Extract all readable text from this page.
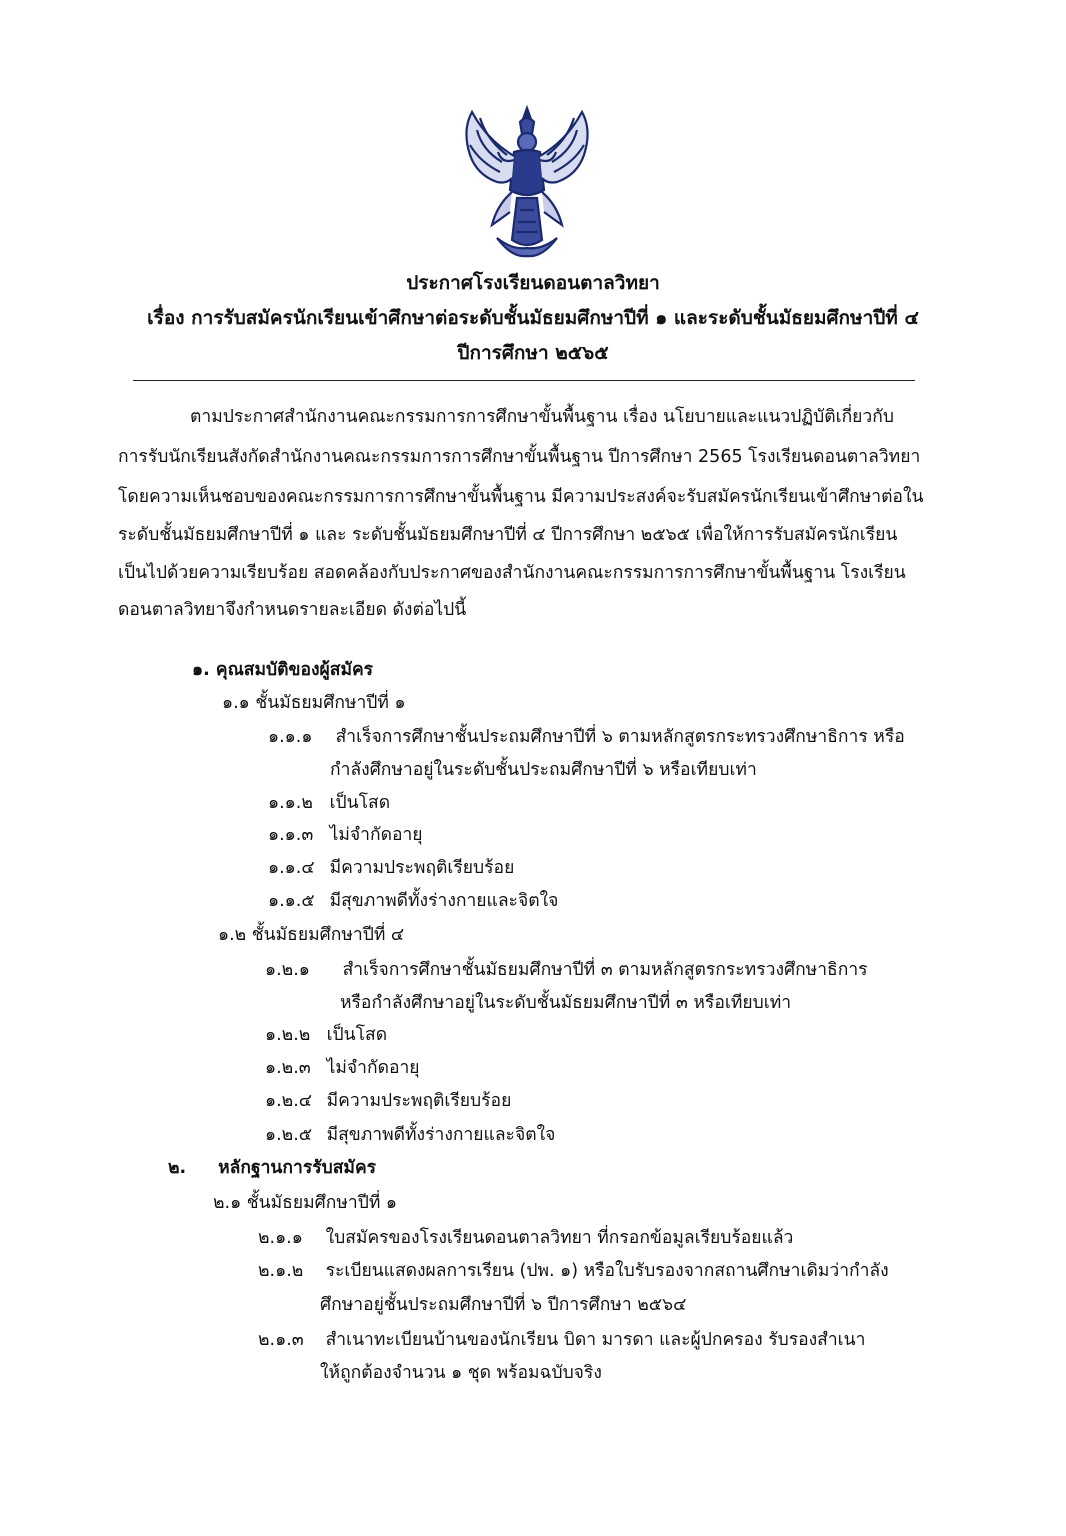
ประกาศโรงเรียนดอนตาลวิทยา
เรื่อง การรับสมัครนักเรียนเข้าศึกษาต่อระดับชั้นมัธยมศึกษาปีที่ ๑ และระดับชั้นมัธยมศึกษาปีที่ ๔
ปีการศึกษา ๒๕๖๕
ตามประกาศสำนักงานคณะกรรมการการศึกษาขั้นพื้นฐาน เรื่อง นโยบายและแนวปฏิบัติเกี่ยวกับ
การรับนักเรียนสังกัดสำนักงานคณะกรรมการการศึกษาขั้นพื้นฐาน ปีการศึกษา 2565 โรงเรียนดอนตาลวิทยา
โดยความเห็นชอบของคณะกรรมการการศึกษาขั้นพื้นฐาน มีความประสงค์จะรับสมัครนักเรียนเข้าศึกษาต่อใน
ระดับชั้นมัธยมศึกษาปีที่ ๑ และ ระดับชั้นมัธยมศึกษาปีที่ ๔ ปีการศึกษา ๒๕๖๕ เพื่อให้การรับสมัครนักเรียน
เป็นไปด้วยความเรียบร้อย สอดคล้องกับประกาศของสำนักงานคณะกรรมการการศึกษาขั้นพื้นฐาน โรงเรียน
ดอนตาลวิทยาจึงกำหนดรายละเอียด ดังต่อไปนี้
๑. คุณสมบัติของผู้สมัคร
๑.๑ ชั้นมัธยมศึกษาปีที่ ๑
๑.๑.๑ สำเร็จการศึกษาชั้นประถมศึกษาปีที่ ๖ ตามหลักสูตรกระทรวงศึกษาธิการ หรือ
กำลังศึกษาอยู่ในระดับชั้นประถมศึกษาปีที่ ๖ หรือเทียบเท่า
๑.๑.๒ เป็นโสด
๑.๑.๓ ไม่จำกัดอายุ
๑.๑.๔ มีความประพฤติเรียบร้อย
๑.๑.๕ มีสุขภาพดีทั้งร่างกายและจิตใจ
๑.๒ ชั้นมัธยมศึกษาปีที่ ๔
๑.๒.๑ สำเร็จการศึกษาชั้นมัธยมศึกษาปีที่ ๓ ตามหลักสูตรกระทรวงศึกษาธิการ
หรือกำลังศึกษาอยู่ในระดับชั้นมัธยมศึกษาปีที่ ๓ หรือเทียบเท่า
๑.๒.๒ เป็นโสด
๑.๒.๓ ไม่จำกัดอายุ
๑.๒.๔ มีความประพฤติเรียบร้อย
๑.๒.๕ มีสุขภาพดีทั้งร่างกายและจิตใจ
๒. หลักฐานการรับสมัคร
๒.๑ ชั้นมัธยมศึกษาปีที่ ๑
๒.๑.๑ ใบสมัครของโรงเรียนดอนตาลวิทยา ที่กรอกข้อมูลเรียบร้อยแล้ว
๒.๑.๒ ระเบียนแสดงผลการเรียน (ปพ. ๑) หรือใบรับรองจากสถานศึกษาเดิมว่ากำลัง
ศึกษาอยู่ชั้นประถมศึกษาปีที่ ๖ ปีการศึกษา ๒๕๖๔
๒.๑.๓ สำเนาทะเบียนบ้านของนักเรียน บิดา มารดา และผู้ปกครอง รับรองสำเนา
ให้ถูกต้องจำนวน ๑ ชุด พร้อมฉบับจริง
